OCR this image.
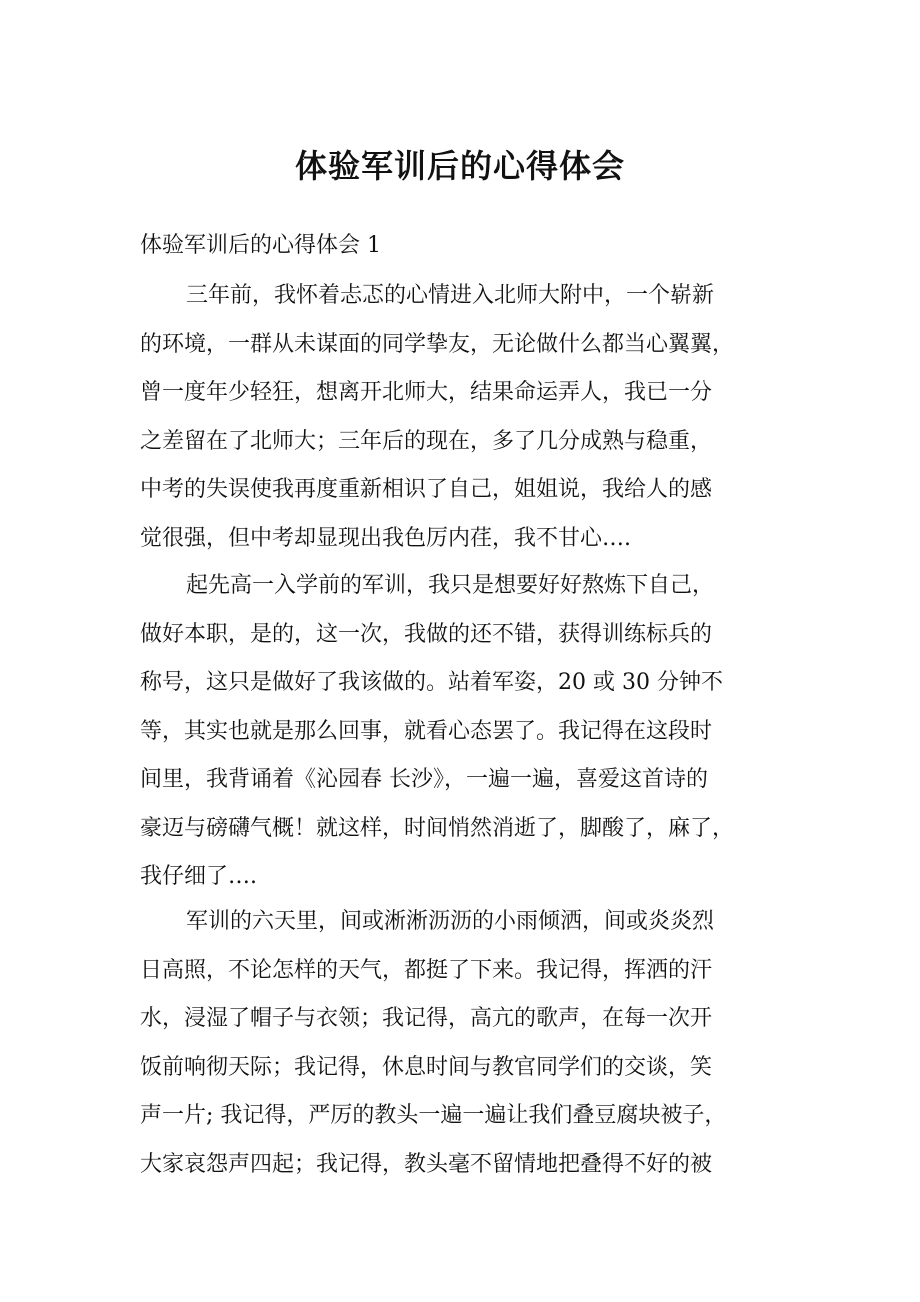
体验军训后的心得体会

体验军训后的心得体会 1

三年前，我怀着忐忑的心情进入北师大附中，一个崭新
的环境，一群从未谋面的同学挚友，无论做什么都当心翼翼，
曾一度年少轻狂，想离开北师大，结果命运弄人，我已一分
之差留在了北师大；三年后的现在，多了几分成熟与稳重，
中考的失误使我再度重新相识了自己，姐姐说，我给人的感
觉很强，但中考却显现出我色厉内荏，我不甘心….
起先高一入学前的军训，我只是想要好好熬炼下自己，
做好本职，是的，这一次，我做的还不错，获得训练标兵的
称号，这只是做好了我该做的。站着军姿，20 或 30 分钟不
等，其实也就是那么回事，就看心态罢了。我记得在这段时
间里，我背诵着《沁园春 长沙》，一遍一遍，喜爱这首诗的
豪迈与磅礴气概！就这样，时间悄然消逝了，脚酸了，麻了，
我仔细了….
军训的六天里，间或淅淅沥沥的小雨倾洒，间或炎炎烈
日高照，不论怎样的天气，都挺了下来。我记得，挥洒的汗
水，浸湿了帽子与衣领；我记得，高亢的歌声，在每一次开
饭前响彻天际；我记得，休息时间与教官同学们的交谈，笑
声一片; 我记得，严厉的教头一遍一遍让我们叠豆腐块被子，
大家哀怨声四起；我记得，教头毫不留情地把叠得不好的被
